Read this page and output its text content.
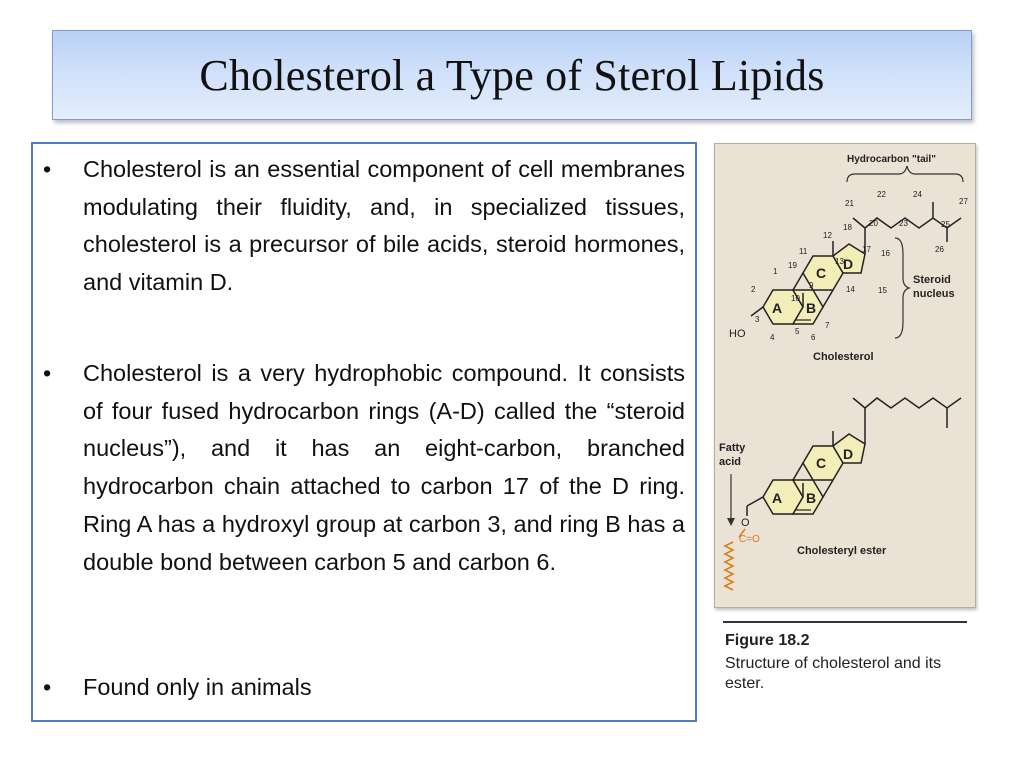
Cholesterol a Type of Sterol Lipids
•	Cholesterol is an essential component of cell membranes modulating their fluidity, and, in specialized tissues, cholesterol is a precursor of bile acids, steroid hormones, and vitamin D.
•	Cholesterol is a very hydrophobic compound. It consists of four fused hydrocarbon rings (A-D) called the “steroid nucleus”), and it has an eight-carbon, branched hydrocarbon chain attached to carbon 17 of the D ring. Ring A has a hydroxyl group at carbon 3, and ring B has a double bond between carbon 5 and carbon 6.
•	Found only in animals
HO
A B
C
D
1
2
3
4
5
6
7
9
10
11
12
13
14	15
16
17
18
19
20
21
22
23
24
25
26
27
Hydrocarbon "tail"
Steroid
nucleus
Cholesterol
A B
C
D
O
C=O
Fatty
acid
Cholesteryl ester
Figure 18.2
Structure of cholesterol and its ester.
